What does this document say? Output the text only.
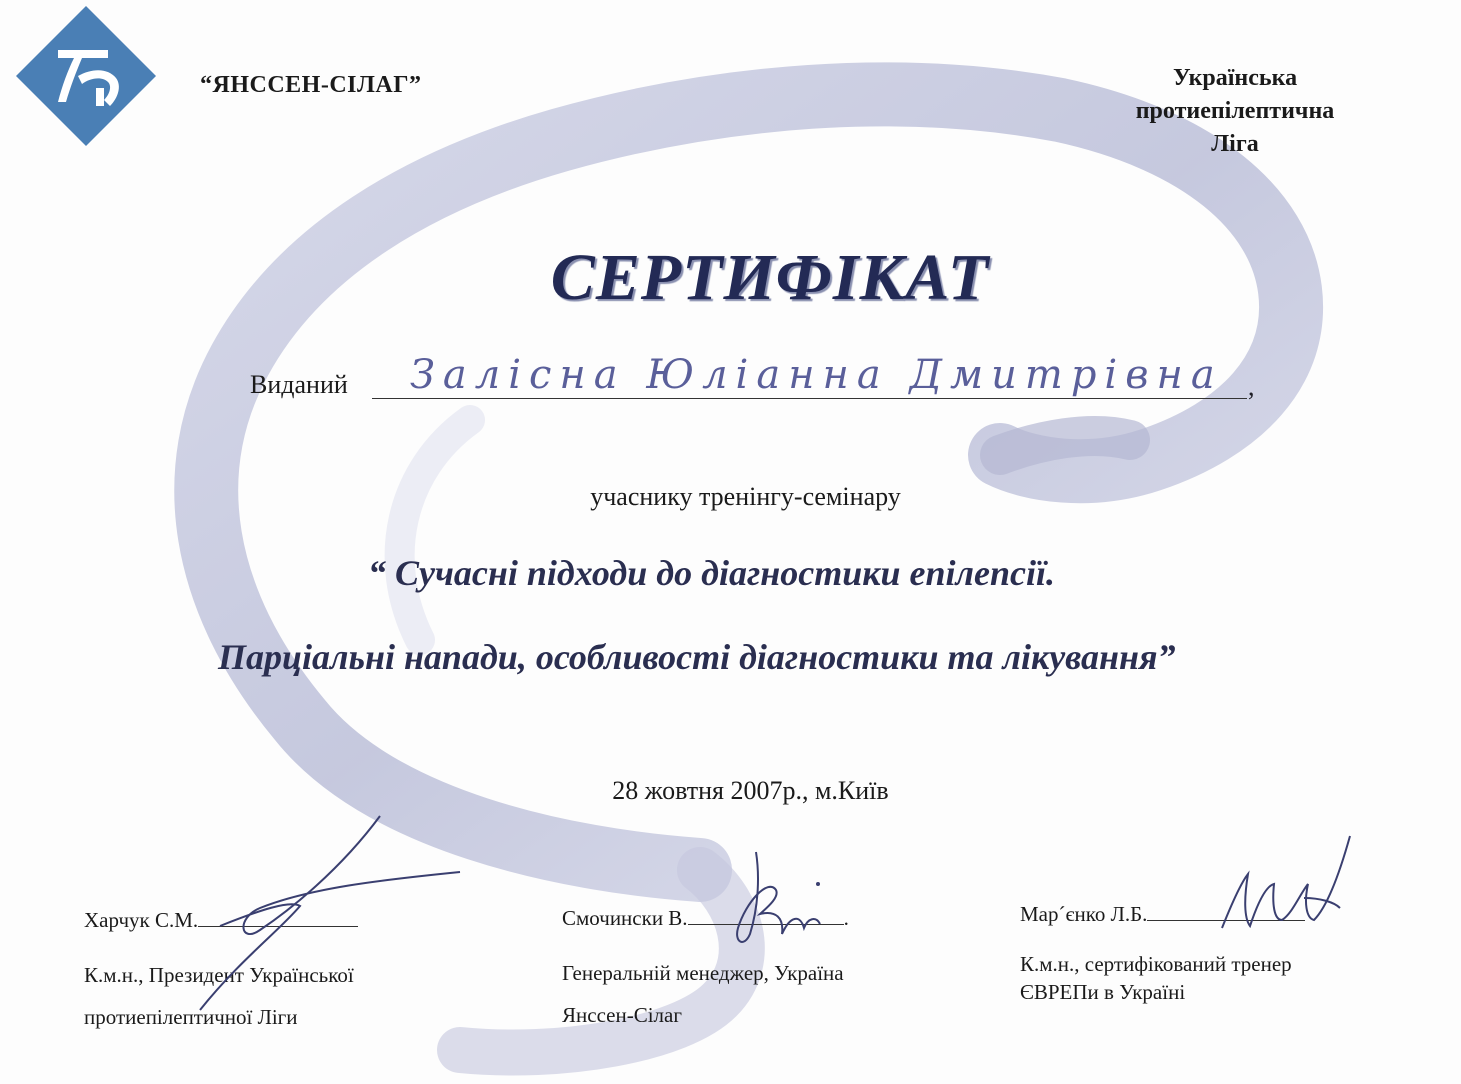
“ЯНССЕН-СІЛАГ”	Українська
протиепілептична
Ліга
СЕРТИФІКАТ
Виданий Залісна Юліанна Дмитрівна ,
учаснику тренінгу-семінару
“ Сучасні підходи до діагностики епілепсії.
Парціальні напади, особливості діагностики та лікування”
28 жовтня 2007р., м.Київ
Харчук С.М.
К.м.н., Президент Української
протиепілептичної Ліги
Смочински В.	.
Генеральній менеджер, Україна
Янссен-Сілаг
Мар´єнко Л.Б.
К.м.н., сертифікований тренер
ЄВРЕПи в Україні
